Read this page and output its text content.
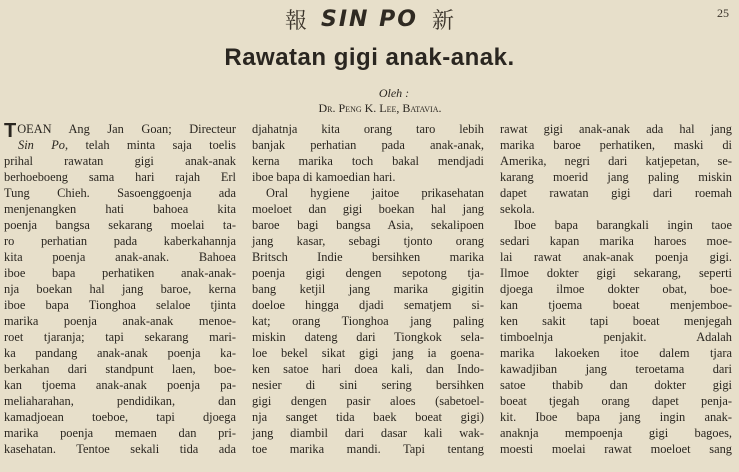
報 SIN PO 新	25
Rawatan gigi anak-anak.
Oleh :
Dr. Peng K. Lee, Batavia.
TOEAN Ang Jan Goan; Directeur
Sin Po, telah minta saja toelis
prihal rawatan gigi anak-anak
berhoeboeng sama hari rajah Erl
Tung Chieh. Sasoenggoenja ada
menjenangken hati bahoea kita
poenja bangsa sekarang moelai ta-
ro perhatian pada kaberkahannja
kita poenja anak-anak. Bahoea
iboe bapa perhatiken anak-anak-
nja boekan hal jang baroe, kerna
iboe bapa Tionghoa selaloe tjinta
marika poenja anak-anak menoe-
roet tjaranja; tapi sekarang mari-
ka pandang anak-anak poenja ka-
berkahan dari standpunt laen, boe-
kan tjoema anak-anak poenja pa-
meliaharahan, pendidikan, dan
kamadjoean toeboe, tapi djoega
marika poenja memaen dan pri-
kasehatan. Tentoe sekali tida ada
djahatnja kita orang taro lebih
banjak perhatian pada anak-anak,
kerna marika toch bakal mendjadi
iboe bapa di kamoedian hari.
Oral hygiene jaitoe prikasehatan
moeloet dan gigi boekan hal jang
baroe bagi bangsa Asia, sekalipoen
jang kasar, sebagi tjonto orang
Britsch Indie bersihken marika
poenja gigi dengen sepotong tja-
bang ketjil jang marika gigitin
doeloe hingga djadi sematjem si-
kat; orang Tionghoa jang paling
miskin dateng dari Tiongkok sela-
loe bekel sikat gigi jang ia goena-
ken satoe hari doea kali, dan Indo-
nesier di sini sering bersihken
gigi dengen pasir aloes (sabetoel-
nja sanget tida baek boeat gigi)
jang diambil dari dasar kali wak-
toe marika mandi. Tapi tentang
rawat gigi anak-anak ada hal jang
marika baroe perhatiken, maski di
Amerika, negri dari katjepetan, se-
karang moerid jang paling miskin
dapet rawatan gigi dari roemah
sekola.
Iboe bapa barangkali ingin taoe
sedari kapan marika haroes moe-
lai rawat anak-anak poenja gigi.
Ilmoe dokter gigi sekarang, seperti
djoega ilmoe dokter obat, boe-
kan tjoema boeat menjemboe-
ken sakit tapi boeat menjegah
timboelnja penjakit. Adalah
marika lakoeken itoe dalem tjara
kawadjiban jang teroetama dari
satoe thabib dan dokter gigi
boeat tjegah orang dapet penja-
kit. Iboe bapa jang ingin anak-
anaknja mempoenja gigi bagoes,
moesti moelai rawat moeloet sang
